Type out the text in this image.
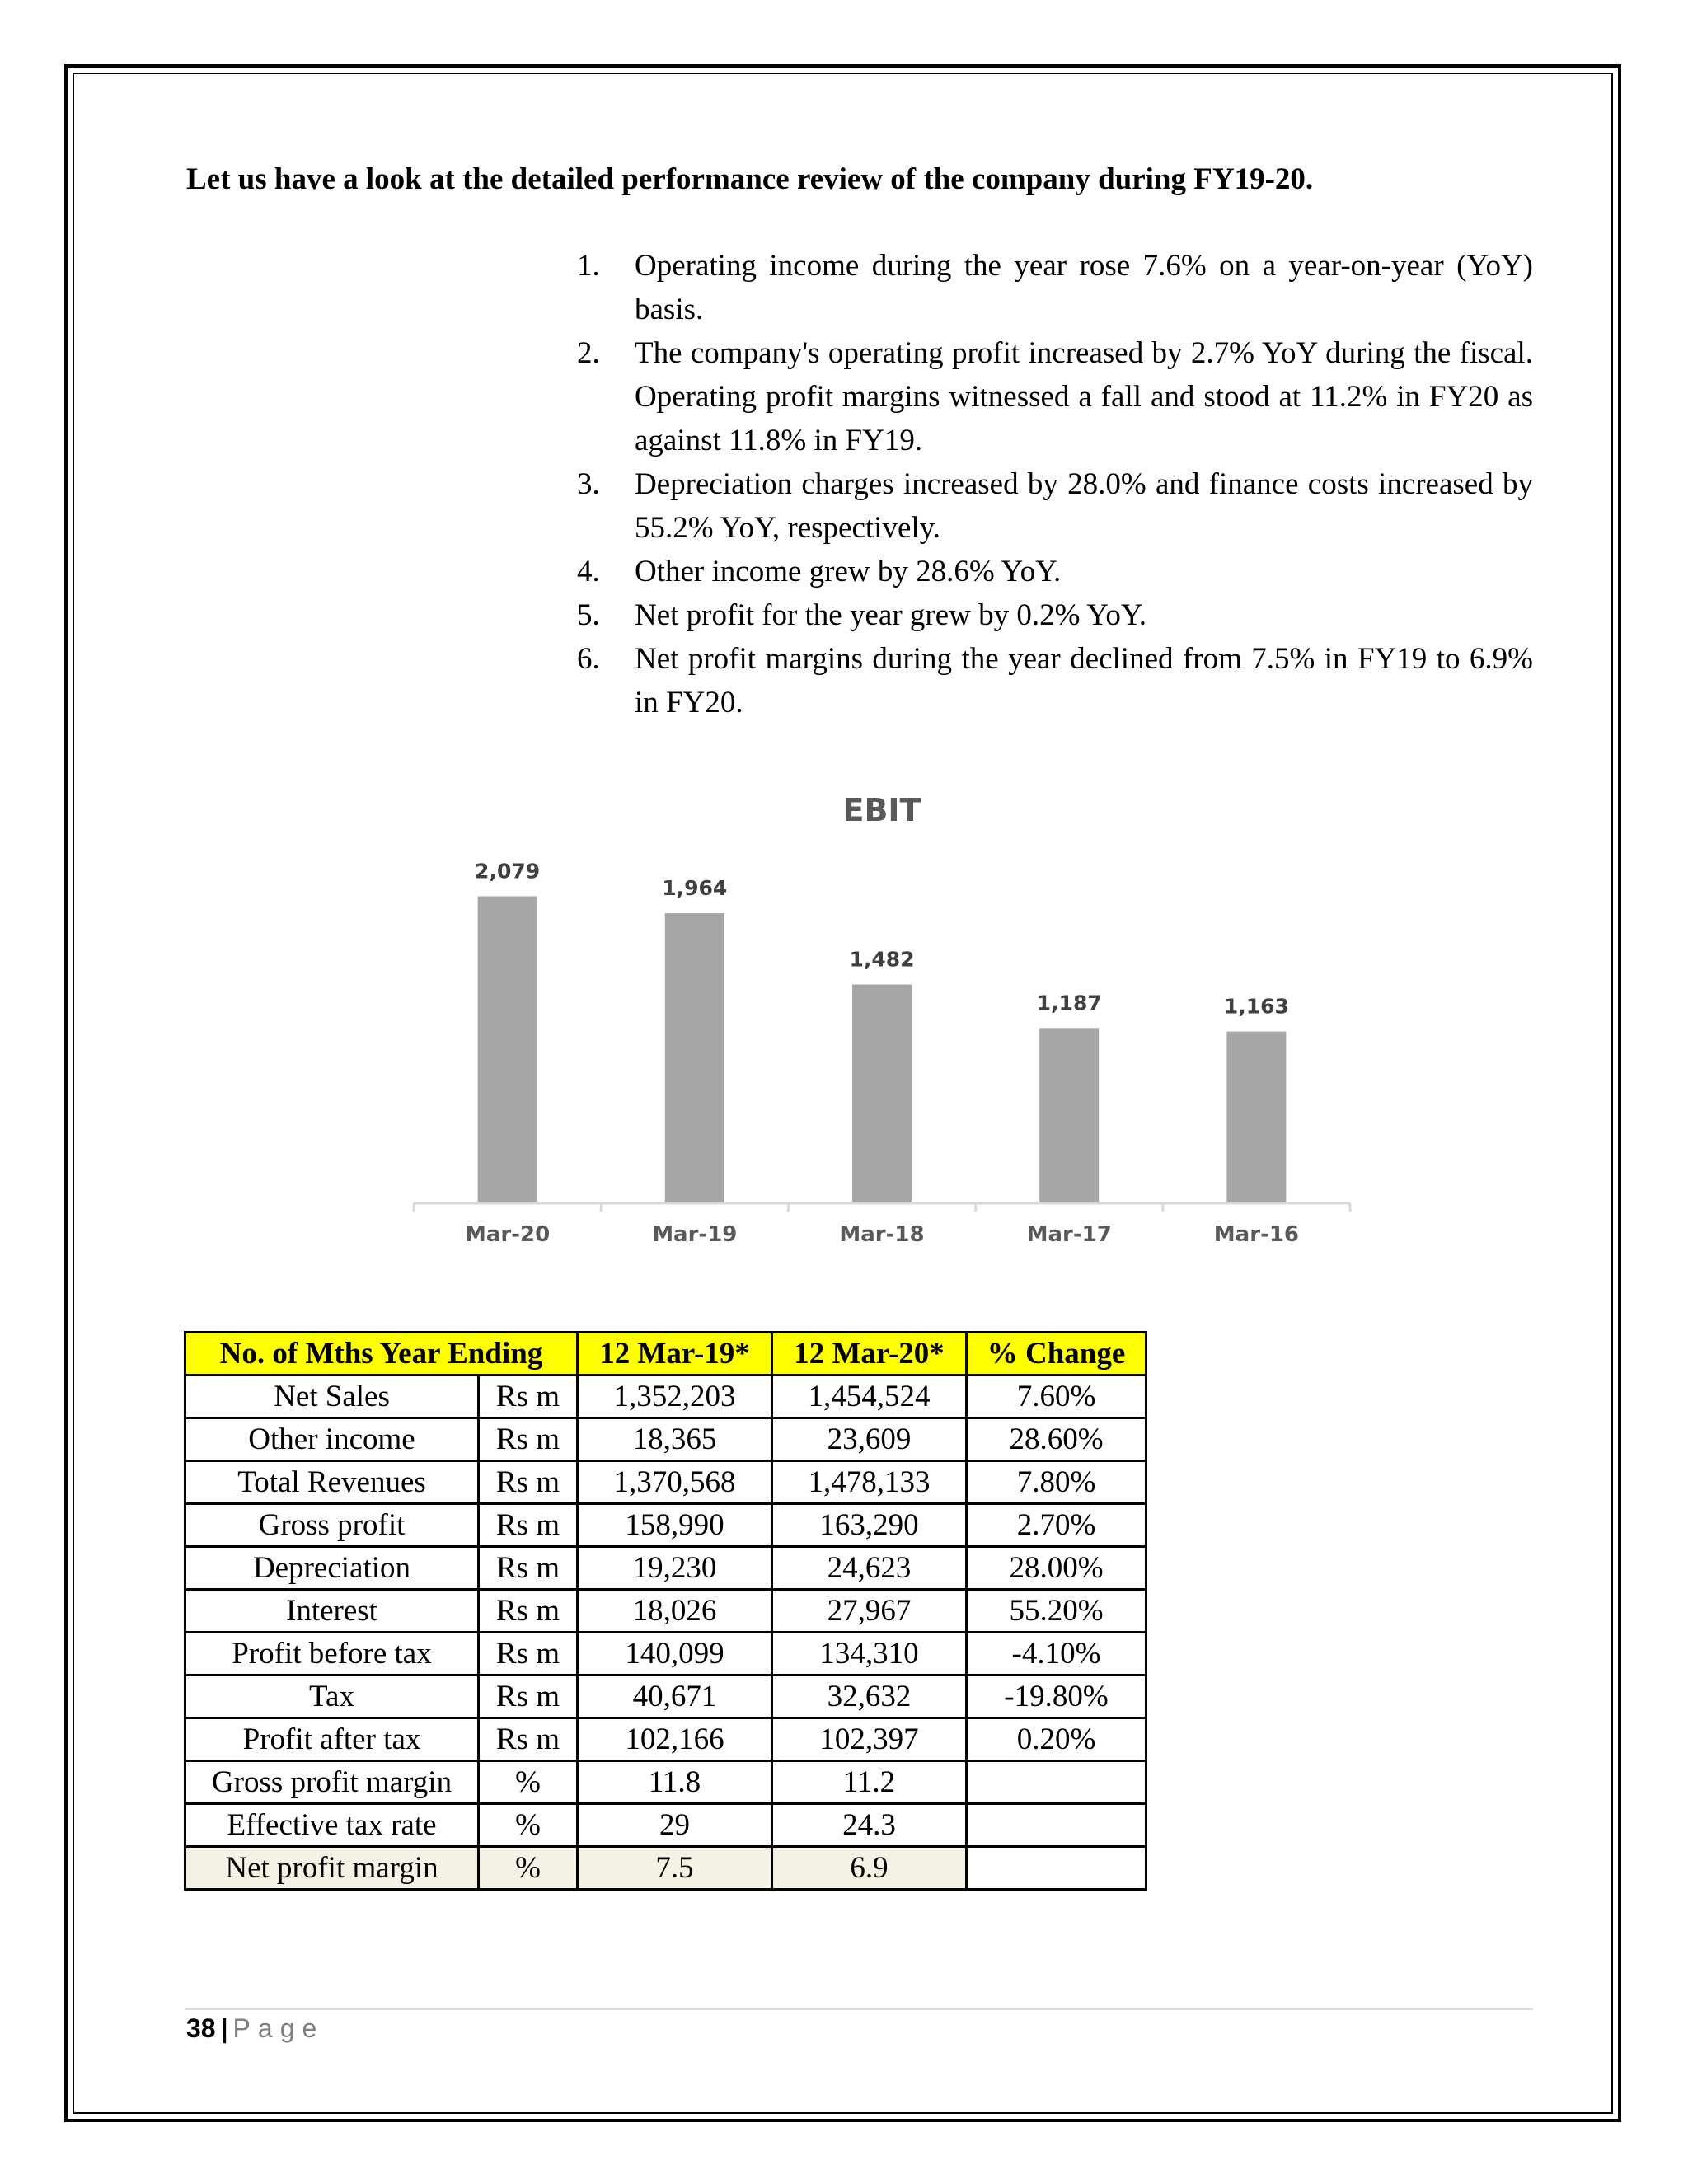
Let us have a look at the detailed performance review of the company during FY19-20.
1. Operating income during the year rose 7.6% on a year-on-year (YoY) basis.
2. The company's operating profit increased by 2.7% YoY during the fiscal. Operating profit margins witnessed a fall and stood at 11.2% in FY20 as against 11.8% in FY19.
3. Depreciation charges increased by 28.0% and finance costs increased by 55.2% YoY, respectively.
4. Other income grew by 28.6% YoY.
5. Net profit for the year grew by 0.2% YoY.
6. Net profit margins during the year declined from 7.5% in FY19 to 6.9% in FY20.
EBIT
2,079
Mar-20
1,964
Mar-19
1,482
Mar-18
1,187
Mar-17
1,163
Mar-16
No. of Mths Year Ending		12 Mar-19*	12 Mar-20*	% Change
Net Sales	Rs m	1,352,203	1,454,524	7.60%
Other income	Rs m	18,365	23,609	28.60%
Total Revenues	Rs m	1,370,568	1,478,133	7.80%
Gross profit	Rs m	158,990	163,290	2.70%
Depreciation	Rs m	19,230	24,623	28.00%
Interest	Rs m	18,026	27,967	55.20%
Profit before tax	Rs m	140,099	134,310	-4.10%
Tax	Rs m	40,671	32,632	-19.80%
Profit after tax	Rs m	102,166	102,397	0.20%
Gross profit margin	%	11.8	11.2	
Effective tax rate	%	29	24.3	
Net profit margin	%	7.5	6.9	
38 | Page
